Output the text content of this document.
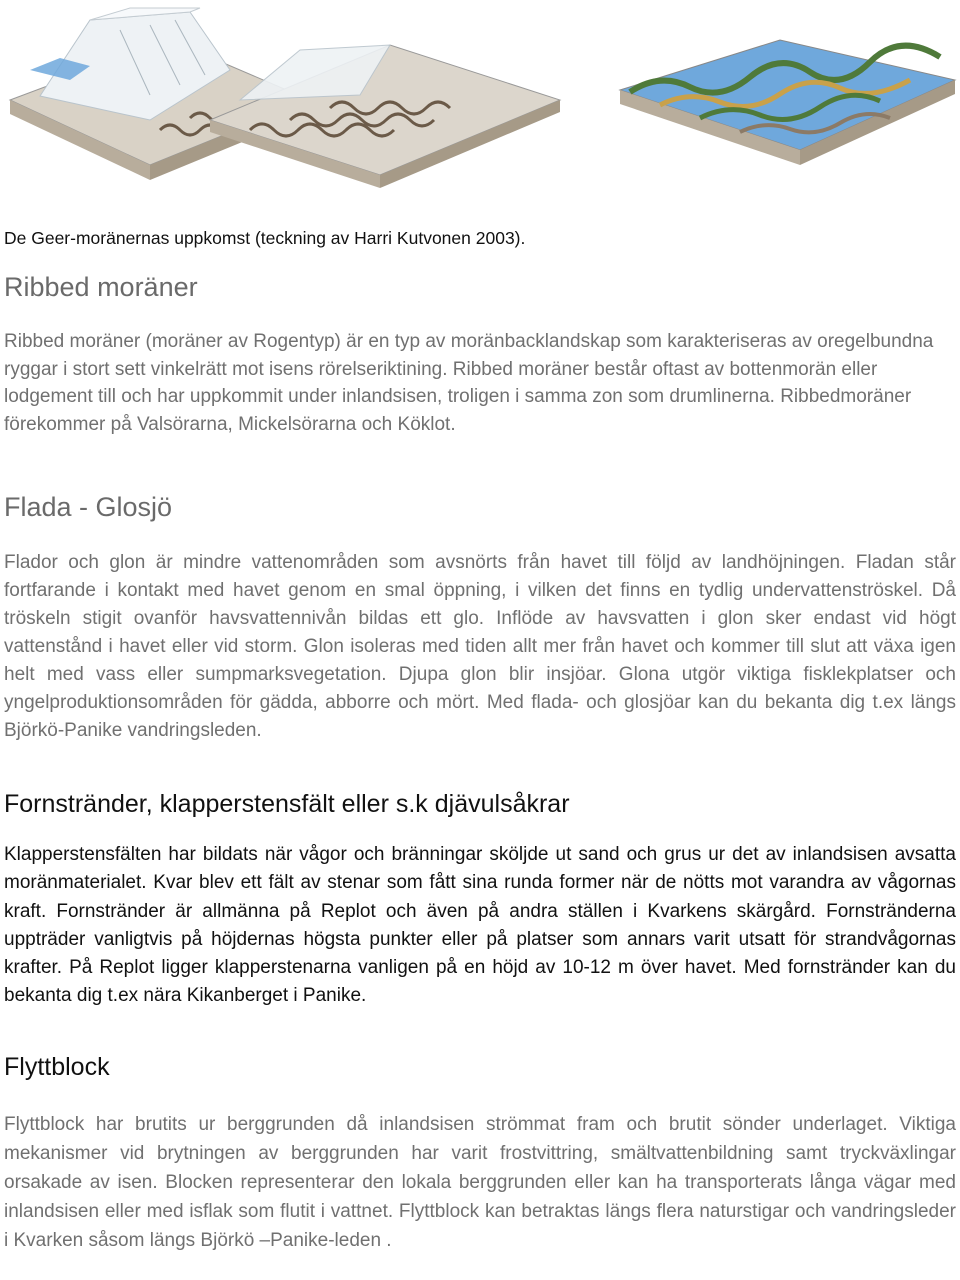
De Geer-moränernas uppkomst (teckning av Harri Kutvonen 2003).
Ribbed moräner

Ribbed moräner (moräner av Rogentyp) är en typ av moränbacklandskap som karakteriseras av oregelbundna ryggar i stort sett vinkelrätt mot isens rörelseriktining. Ribbed moräner består oftast av bottenmorän eller lodgement till och har uppkommit under inlandsisen, troligen i samma zon som drumlinerna. Ribbedmoräner förekommer på Valsörarna, Mickelsörarna och Köklot.

Flada - Glosjö

Flador och glon är mindre vattenområden som avsnörts från havet till följd av landhöjningen. Fladan står fortfarande i kontakt med havet genom en smal öppning, i vilken det finns en tydlig undervattenströskel. Då tröskeln stigit ovanför havsvattennivån bildas ett glo. Inflöde av havsvatten i glon sker endast vid högt vattenstånd i havet eller vid storm. Glon isoleras med tiden allt mer från havet och kommer till slut att växa igen helt med vass eller sumpmarksvegetation. Djupa glon blir insjöar. Glona utgör viktiga fisklekplatser och yngelproduktionsområden för gädda, abborre och mört. Med flada- och glosjöar kan du bekanta dig t.ex längs Björkö-Panike vandringsleden.

Fornstränder, klapperstensfält eller s.k djävulsåkrar

Klapperstensfälten har bildats när vågor och bränningar sköljde ut sand och grus ur det av inlandsisen avsatta moränmaterialet. Kvar blev ett fält av stenar som fått sina runda former när de nötts mot varandra av vågornas kraft. Fornstränder är allmänna på Replot och även på andra ställen i Kvarkens skärgård. Fornstränderna uppträder vanligtvis på höjdernas högsta punkter eller på platser som annars varit utsatt för strandvågornas krafter. På Replot ligger klapperstenarna vanligen på en höjd av 10-12 m över havet. Med fornstränder kan du bekanta dig t.ex nära Kikanberget i Panike.

Flyttblock

Flyttblock har brutits ur berggrunden då inlandsisen strömmat fram och brutit sönder underlaget. Viktiga mekanismer vid brytningen av berggrunden har varit frostvittring, smältvattenbildning samt tryckväxlingar orsakade av isen. Blocken representerar den lokala berggrunden eller kan ha transporterats långa vägar med inlandsisen eller med isflak som flutit i vattnet. Flyttblock kan betraktas längs flera naturstigar och vandringsleder i Kvarken såsom längs Björkö –Panike-leden .
